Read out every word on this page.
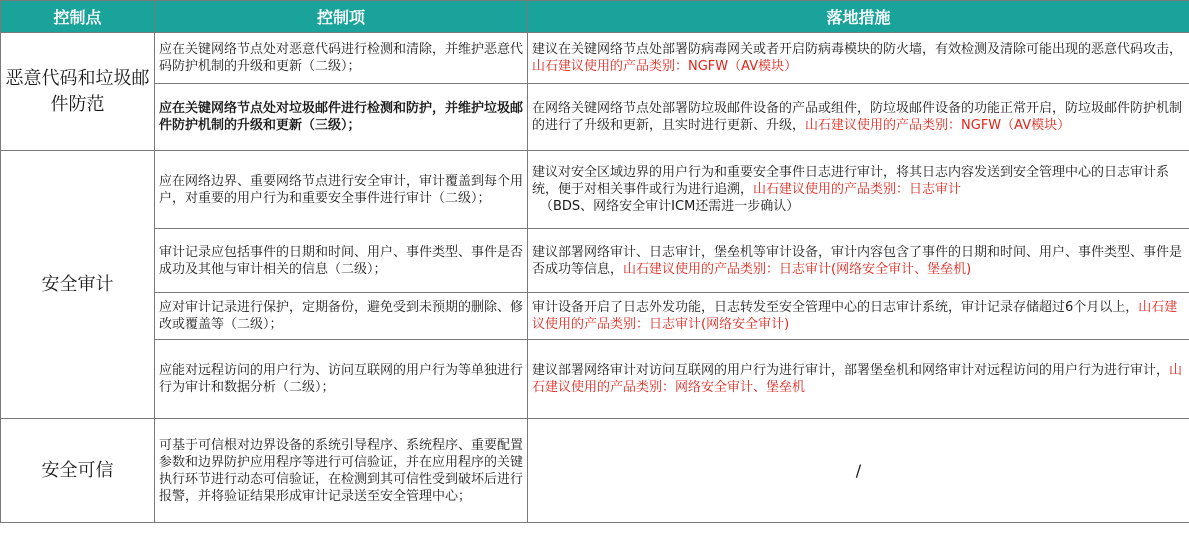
控制点	控制项	落地措施
恶意代码和垃圾邮件防范	应在关键网络节点处对恶意代码进行检测和清除，并维护恶意代码防护机制的升级和更新（二级）；	建议在关键网络节点处部署防病毒网关或者开启防病毒模块的防火墙，有效检测及清除可能出现的恶意代码攻击，山石建议使用的产品类别：NGFW（AV模块）
	应在关键网络节点处对垃圾邮件进行检测和防护，并维护垃圾邮件防护机制的升级和更新（三级）；	在网络关键网络节点处部署防垃圾邮件设备的产品或组件，防垃圾邮件设备的功能正常开启，防垃圾邮件防护机制的进行了升级和更新，且实时进行更新、升级，山石建议使用的产品类别：NGFW（AV模块）
安全审计	应在网络边界、重要网络节点进行安全审计，审计覆盖到每个用户，对重要的用户行为和重要安全事件进行审计（二级）；	建议对安全区域边界的用户行为和重要安全事件日志进行审计，将其日志内容发送到安全管理中心的日志审计系统，便于对相关事件或行为进行追溯，山石建议使用的产品类别：日志审计
（BDS、网络安全审计ICM还需进一步确认）

	审计记录应包括事件的日期和时间、用户、事件类型、事件是否成功及其他与审计相关的信息（二级）；	建议部署网络审计、日志审计，堡垒机等审计设备，审计内容包含了事件的日期和时间、用户、事件类型、事件是否成功等信息，山石建议使用的产品类别：日志审计(网络安全审计、堡垒机)
	应对审计记录进行保护，定期备份，避免受到未预期的删除、修改或覆盖等（二级）；	审计设备开启了日志外发功能，日志转发至安全管理中心的日志审计系统，审计记录存储超过6个月以上，山石建议使用的产品类别：日志审计(网络安全审计)
	应能对远程访问的用户行为、访问互联网的用户行为等单独进行行为审计和数据分析（二级）；	建议部署网络审计对访问互联网的用户行为进行审计，部署堡垒机和网络审计对远程访问的用户行为进行审计，山石建议使用的产品类别：网络安全审计、堡垒机
安全可信	可基于可信根对边界设备的系统引导程序、系统程序、重要配置参数和边界防护应用程序等进行可信验证，并在应用程序的关键执行环节进行动态可信验证，在检测到其可信性受到破坏后进行报警，并将验证结果形成审计记录送至安全管理中心；	/
